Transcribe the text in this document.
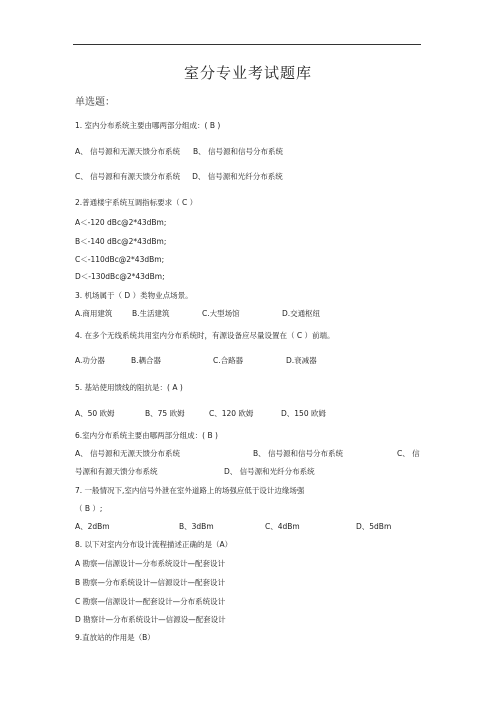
室分专业考试题库
单选题：
1. 室内分布系统主要由哪两部分组成：( B )
A、 信号源和无源天馈分布系统 B、 信号源和信号分布系统
C、 信号源和有源天馈分布系统 D、 信号源和光纤分布系统
2.普通楼宇系统互调指标要求（ C ）
A＜-120 dBc@2*43dBm;
B＜-140 dBc@2*43dBm;
C＜-110dBc@2*43dBm;
D＜-130dBc@2*43dBm;
3. 机场属于（ D ）类物业点场景。
A.商用建筑	B.生活建筑	C.大型场馆	D.交通枢纽
4. 在多个无线系统共用室内分布系统时，有源设备应尽量设置在（ C ）前端。
A.功分器	B.耦合器	C.合路器	D.衰减器
5. 基站使用馈线的阻抗是：( A )
A、50 欧姆	B、75 欧姆	C、120 欧姆	D、150 欧姆
6.室内分布系统主要由哪两部分组成：( B )
A、 信号源和无源天馈分布系统	B、 信号源和信号分布系统	C、 信
号源和有源天馈分布系统	D、 信号源和光纤分布系统
7. 一般情况下,室内信号外泄在室外道路上的场强应低于设计边缘场强
（ B ）;
A、2dBm	B、3dBm	C、4dBm	D、5dBm
8. 以下对室内分布设计流程描述正确的是（A）
A 勘察—信源设计—分布系统设计—配套设计
B 勘察—分布系统设计—信源设计—配套设计
C 勘察—信源设计—配套设计—分布系统设计
D 勘察计—分布系统设计—信源设—配套设计
9.直放站的作用是（B）
